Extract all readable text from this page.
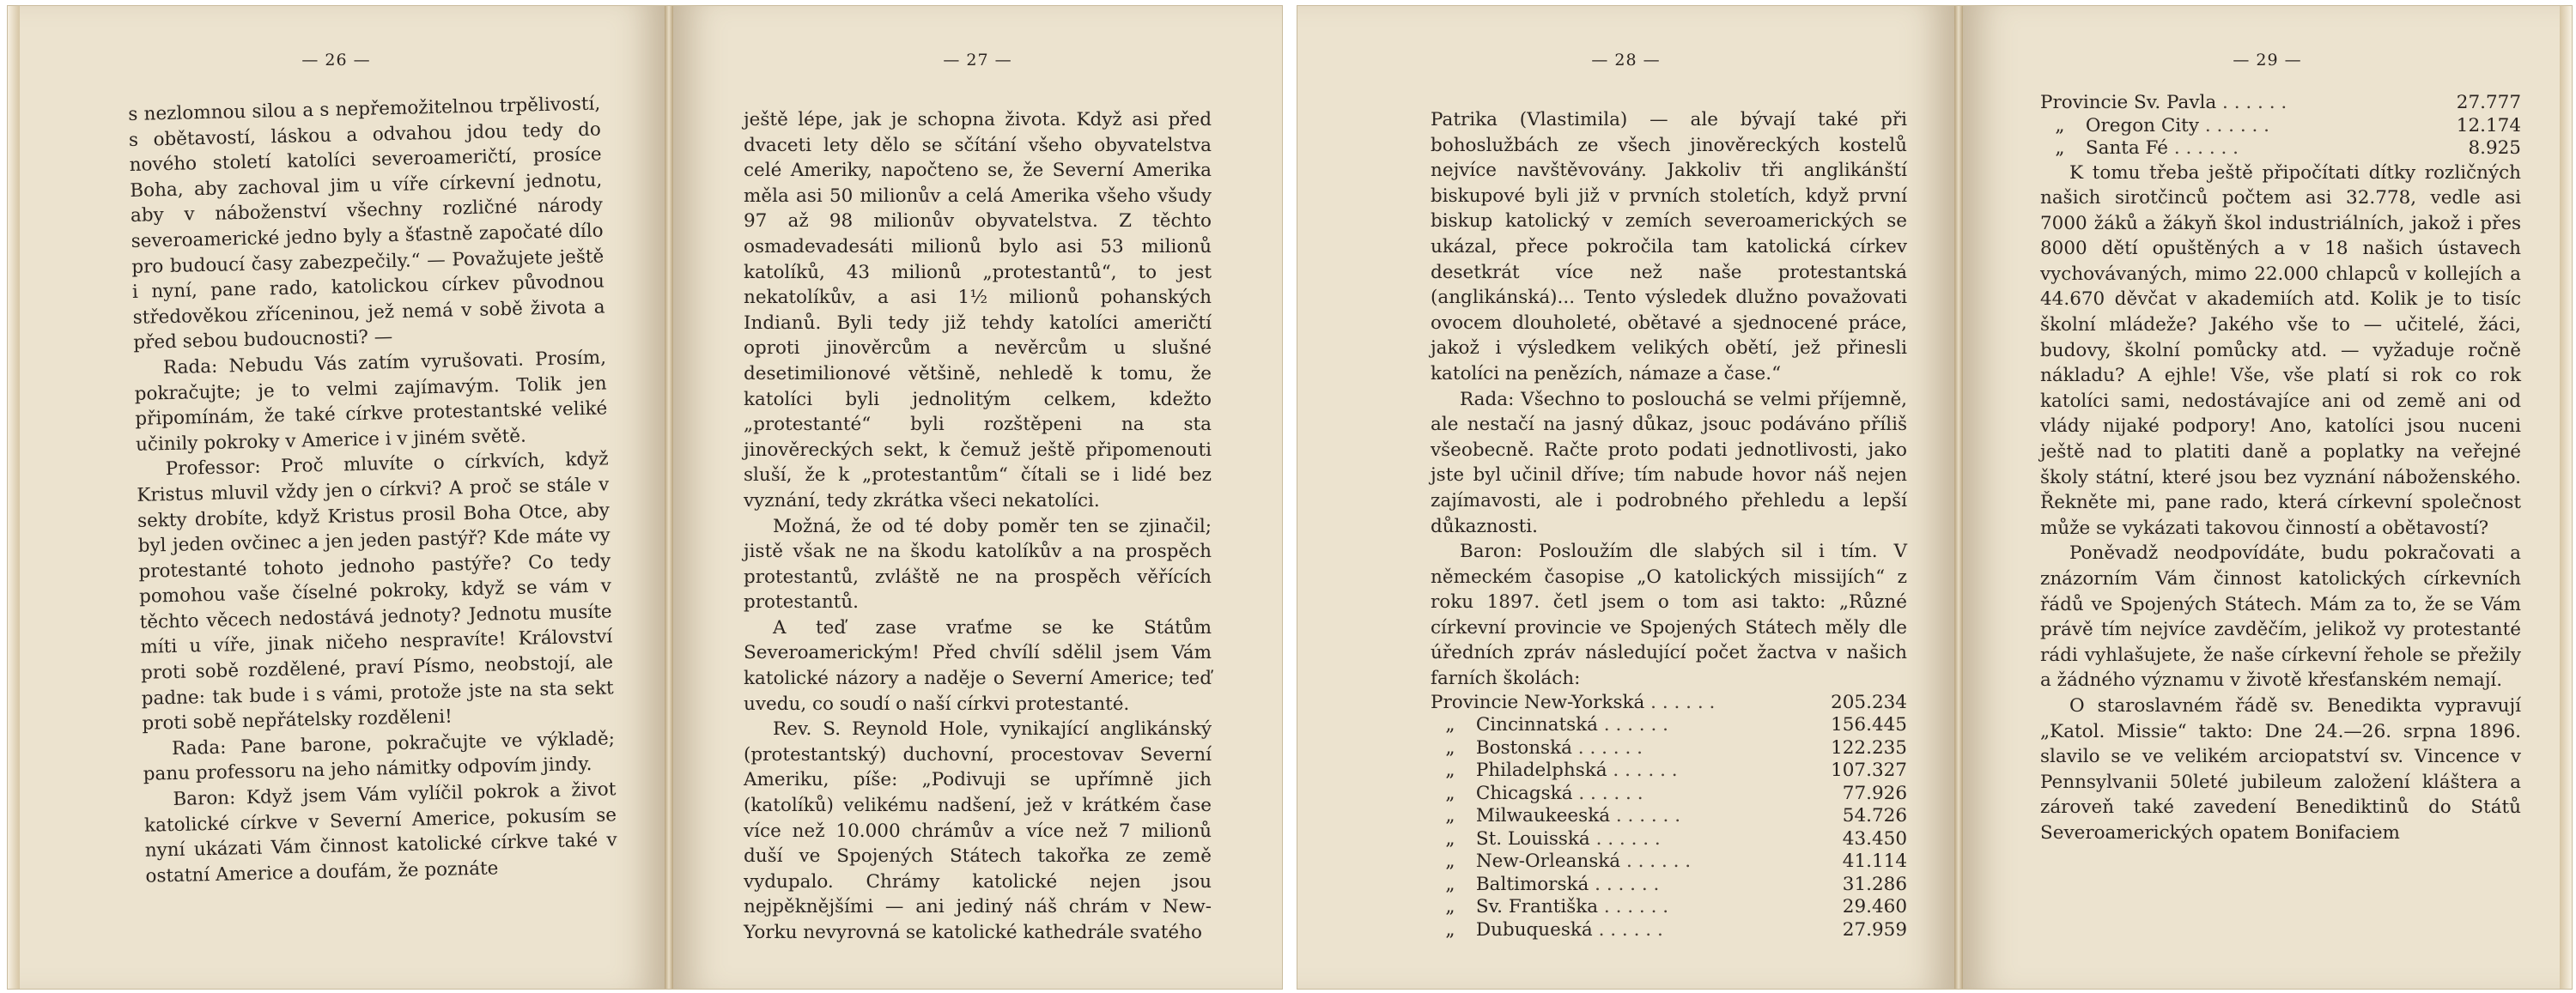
— 26 —

s nezlomnou silou a s nepřemožitelnou trpělivostí, s obětavostí, láskou a odvahou jdou tedy do nového století katolíci severoameričtí, prosíce Boha, aby zachoval jim u víře církevní jednotu, aby v náboženství všechny rozličné národy severoamerické jedno byly a šťastně započaté dílo pro budoucí časy zabezpečily.“ — Považujete ještě i nyní, pane rado, katolickou církev původnou středověkou zříceninou, jež nemá v sobě života a před sebou budoucnosti? —

Rada: Nebudu Vás zatím vyrušovati. Prosím, pokračujte; je to velmi zajímavým. Tolik jen připomínám, že také církve protestantské veliké učinily pokroky v Americe i v jiném světě.

Professor: Proč mluvíte o církvích, když Kristus mluvil vždy jen o církvi? A proč se stále v sekty drobíte, když Kristus prosil Boha Otce, aby byl jeden ovčinec a jen jeden pastýř? Kde máte vy protestanté tohoto jednoho pastýře? Co tedy pomohou vaše číselné pokroky, když se vám v těchto věcech nedostává jednoty? Jednotu musíte míti u víře, jinak ničeho nespravíte! Království proti sobě rozdělené, praví Písmo, neobstojí, ale padne: tak bude i s vámi, protože jste na sta sekt proti sobě nepřátelsky rozděleni!

Rada: Pane barone, pokračujte ve výkladě; panu professoru na jeho námitky odpovím jindy.

Baron: Když jsem Vám vylíčil pokrok a život katolické církve v Severní Americe, pokusím se nyní ukázati Vám činnost katolické církve také v ostatní Americe a doufám, že poznáte

— 27 —

ještě lépe, jak je schopna života. Když asi před dvaceti lety dělo se sčítání všeho obyvatelstva celé Ameriky, napočteno se, že Severní Amerika měla asi 50 milionův a celá Amerika všeho všudy 97 až 98 milionův obyvatelstva. Z těchto osmadevadesáti milionů bylo asi 53 milionů katolíků, 43 milionů „protestantů“, to jest nekatolíkův, a asi 1½ milionů pohanských Indianů. Byli tedy již tehdy katolíci američtí oproti jinověrcům a nevěrcům u slušné desetimilionové většině, nehledě k tomu, že katolíci byli jednolitým celkem, kdežto „protestanté“ byli rozštěpeni na sta jinověreckých sekt, k čemuž ještě připomenouti sluší, že k „protestantům“ čítali se i lidé bez vyznání, tedy zkrátka všeci nekatolíci.

Možná, že od té doby poměr ten se zjinačil; jistě však ne na škodu katolíkův a na prospěch protestantů, zvláště ne na prospěch věřících protestantů.

A teď zase vraťme se ke Státům Severoamerickým! Před chvílí sdělil jsem Vám katolické názory a naděje o Severní Americe; teď uvedu, co soudí o naší církvi protestanté.

Rev. S. Reynold Hole, vynikající anglikánský (protestantský) duchovní, procestovav Severní Ameriku, píše: „Podivuji se upřímně jich (katolíků) velikému nadšení, jež v krátkém čase více než 10.000 chrámův a více než 7 milionů duší ve Spojených Státech takořka ze země vydupalo. Chrámy katolické nejen jsou nejpěknějšími — ani jediný náš chrám v New-Yorku nevyrovná se katolické kathedrále svatého

— 28 —

Patrika (Vlastimila) — ale bývají také při bohoslužbách ze všech jinověreckých kostelů nejvíce navštěvovány. Jakkoliv tři anglikánští biskupové byli již v prvních stoletích, když první biskup katolický v zemích severoamerických se ukázal, přece pokročila tam katolická církev desetkrát více než naše protestantská (anglikánská)... Tento výsledek dlužno považovati ovocem dlouholeté, obětavé a sjednocené práce, jakož i výsledkem velikých obětí, jež přinesli katolíci na penězích, námaze a čase.“

Rada: Všechno to poslouchá se velmi příjemně, ale nestačí na jasný důkaz, jsouc podáváno příliš všeobecně. Račte proto podati jednotlivosti, jako jste byl učinil dříve; tím nabude hovor náš nejen zajímavosti, ale i podrobného přehledu a lepší důkaznosti.

Baron: Posloužím dle slabých sil i tím. V německém časopise „O katolických missijích“ z roku 1897. četl jsem o tom asi takto: „Různé církevní provincie ve Spojených Státech měly dle úředních zpráv následující počet žactva v našich farních školách:

Provincie New-Yorkská . . . . . .	205.234
„ Cincinnatská . . . . . .	156.445
„ Bostonská . . . . . .	122.235
„ Philadelphská . . . . . .	107.327
„ Chicagská . . . . . .	77.926
„ Milwaukeeská . . . . . .	54.726
„ St. Louisská . . . . . .	43.450
„ New-Orleanská . . . . . .	41.114
„ Baltimorská . . . . . .	31.286
„ Sv. Františka . . . . . .	29.460
„ Dubuqueská . . . . . .	27.959
— 29 —
Provincie Sv. Pavla . . . . . .	27.777
„ Oregon City . . . . . .	12.174
„ Santa Fé . . . . . .	8.925

K tomu třeba ještě připočítati dítky rozličných našich sirotčinců počtem asi 32.778, vedle asi 7000 žáků a žákyň škol industriálních, jakož i přes 8000 dětí opuštěných a v 18 našich ústavech vychovávaných, mimo 22.000 chlapců v kollejích a 44.670 děvčat v akademiích atd. Kolik je to tisíc školní mládeže? Jakého vše to — učitelé, žáci, budovy, školní pomůcky atd. — vyžaduje ročně nákladu? A ejhle! Vše, vše platí si rok co rok katolíci sami, nedostávajíce ani od země ani od vlády nijaké podpory! Ano, katolíci jsou nuceni ještě nad to platiti daně a poplatky na veřejné školy státní, které jsou bez vyznání náboženského. Řekněte mi, pane rado, která církevní společnost může se vykázati takovou činností a obětavostí?

Poněvadž neodpovídáte, budu pokračovati a znázorním Vám činnost katolických církevních řádů ve Spojených Státech. Mám za to, že se Vám právě tím nejvíce zavděčím, jelikož vy protestanté rádi vyhlašujete, že naše církevní řehole se přežily a žádného významu v životě křesťanském nemají.

O staroslavném řádě sv. Benedikta vypravují „Katol. Missie“ takto: Dne 24.—26. srpna 1896. slavilo se ve velikém arciopatství sv. Vincence v Pennsylvanii 50leté jubileum založení kláštera a zároveň také zavedení Benediktinů do Států Severoamerických opatem Bonifaciem
